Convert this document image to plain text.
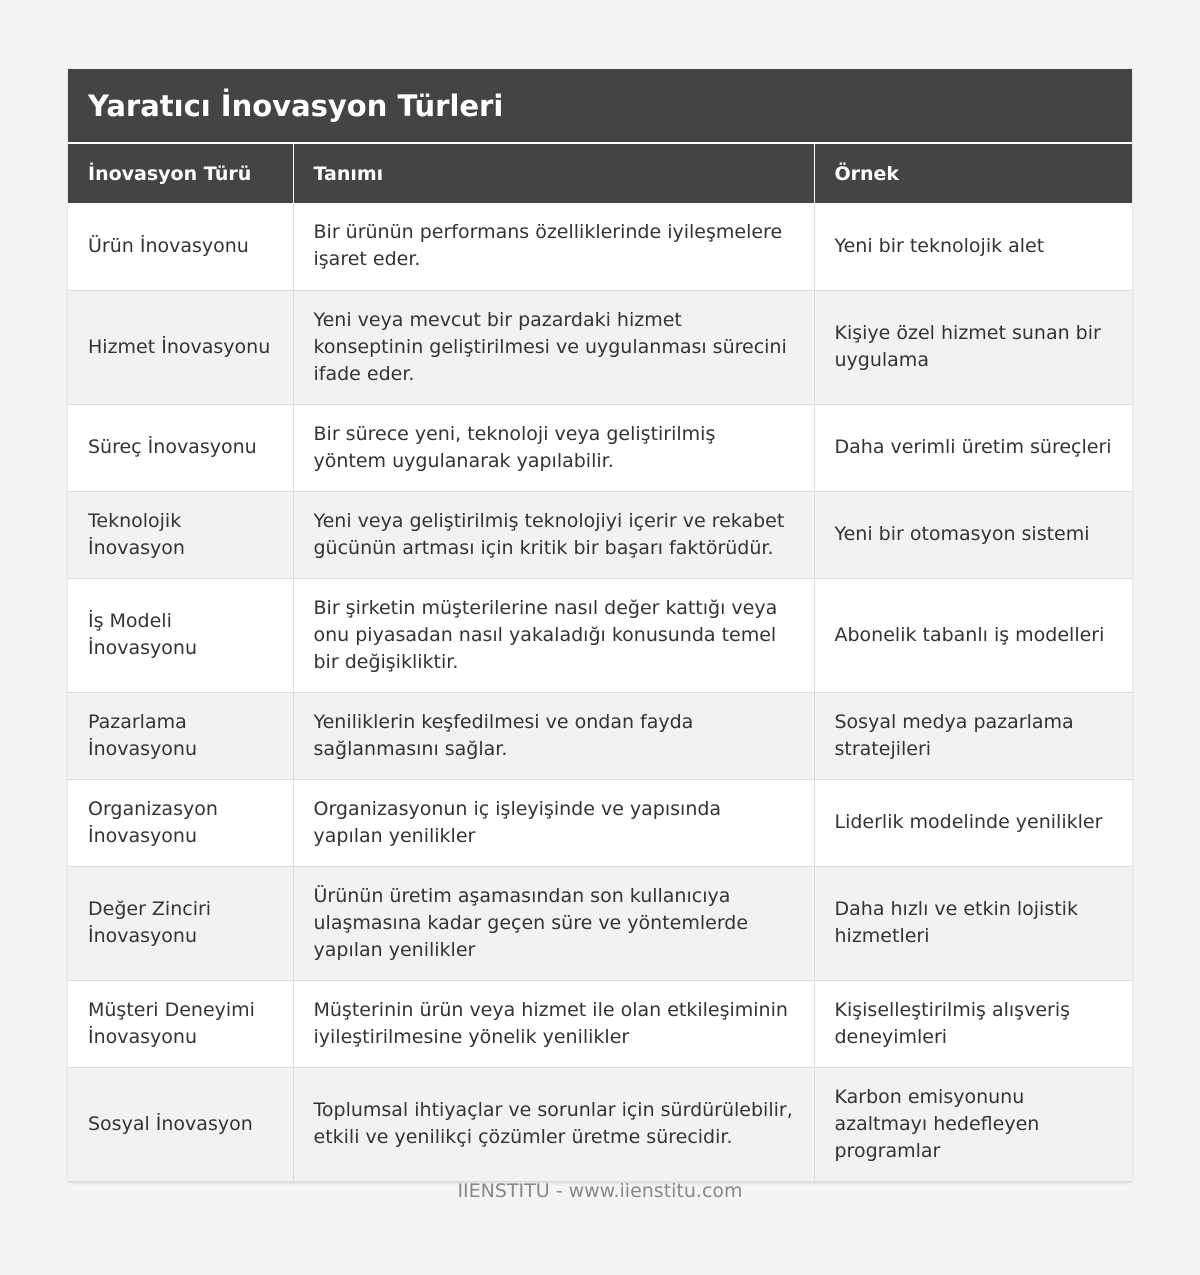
Yaratıcı İnovasyon Türleri
İnovasyon Türü	Tanımı	Örnek
Ürün İnovasyonu	Bir ürünün performans özelliklerinde iyileşmelere işaret eder.	Yeni bir teknolojik alet
Hizmet İnovasyonu	Yeni veya mevcut bir pazardaki hizmet konseptinin geliştirilmesi ve uygulanması sürecini ifade eder.	Kişiye özel hizmet sunan bir uygulama
Süreç İnovasyonu	Bir sürece yeni, teknoloji veya geliştirilmiş yöntem uygulanarak yapılabilir.	Daha verimli üretim süreçleri
Teknolojik İnovasyon	Yeni veya geliştirilmiş teknolojiyi içerir ve rekabet gücünün artması için kritik bir başarı faktörüdür.	Yeni bir otomasyon sistemi
İş Modeli İnovasyonu	Bir şirketin müşterilerine nasıl değer kattığı veya onu piyasadan nasıl yakaladığı konusunda temel bir değişikliktir.	Abonelik tabanlı iş modelleri
Pazarlama İnovasyonu	Yeniliklerin keşfedilmesi ve ondan fayda sağlanmasını sağlar.	Sosyal medya pazarlama stratejileri
Organizasyon İnovasyonu	Organizasyonun iç işleyişinde ve yapısında yapılan yenilikler	Liderlik modelinde yenilikler
Değer Zinciri İnovasyonu	Ürünün üretim aşamasından son kullanıcıya ulaşmasına kadar geçen süre ve yöntemlerde yapılan yenilikler	Daha hızlı ve etkin lojistik hizmetleri
Müşteri Deneyimi İnovasyonu	Müşterinin ürün veya hizmet ile olan etkileşiminin iyileştirilmesine yönelik yenilikler	Kişiselleştirilmiş alışveriş deneyimleri
Sosyal İnovasyon	Toplumsal ihtiyaçlar ve sorunlar için sürdürülebilir, etkili ve yenilikçi çözümler üretme sürecidir.	Karbon emisyonunu azaltmayı hedefleyen programlar
IIENSTITU - www.iienstitu.com
